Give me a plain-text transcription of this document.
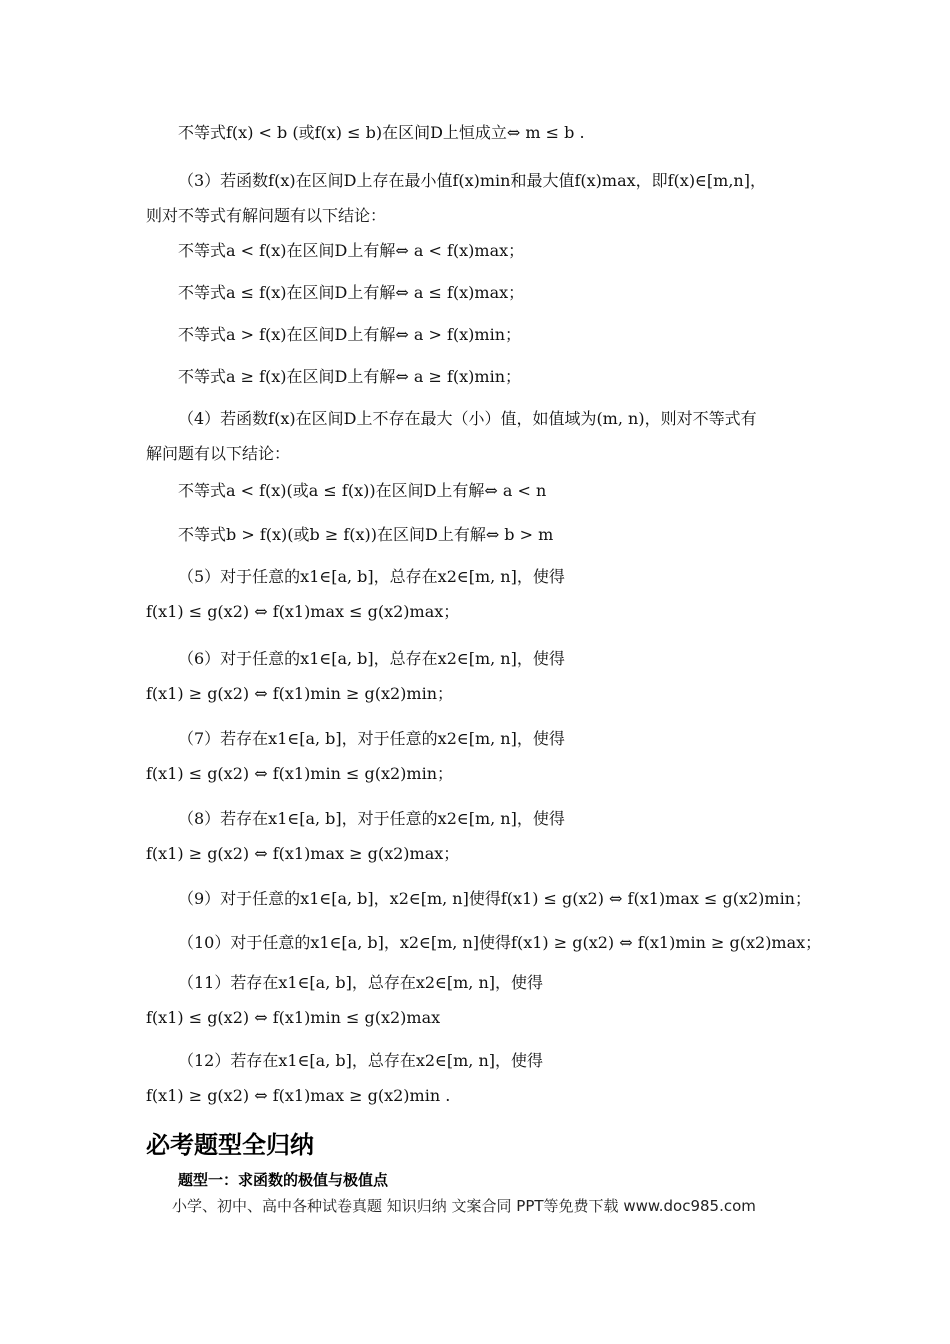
不等式f(x) < b (或f(x) ≤ b)在区间D上恒成立⇔ m ≤ b .
（3）若函数f(x)在区间D上存在最小值f(x)min和最大值f(x)max，即f(x)∈[m,n]，
则对不等式有解问题有以下结论：
不等式a < f(x)在区间D上有解⇔ a < f(x)max；
不等式a ≤ f(x)在区间D上有解⇔ a ≤ f(x)max；
不等式a > f(x)在区间D上有解⇔ a > f(x)min；
不等式a ≥ f(x)在区间D上有解⇔ a ≥ f(x)min；
（4）若函数f(x)在区间D上不存在最大（小）值，如值域为(m, n)，则对不等式有
解问题有以下结论：
不等式a < f(x)(或a ≤ f(x))在区间D上有解⇔ a < n
不等式b > f(x)(或b ≥ f(x))在区间D上有解⇔ b > m
（5）对于任意的x1∈[a, b]，总存在x2∈[m, n]，使得
f(x1) ≤ g(x2) ⇔ f(x1)max ≤ g(x2)max；
（6）对于任意的x1∈[a, b]，总存在x2∈[m, n]，使得
f(x1) ≥ g(x2) ⇔ f(x1)min ≥ g(x2)min；
（7）若存在x1∈[a, b]，对于任意的x2∈[m, n]，使得
f(x1) ≤ g(x2) ⇔ f(x1)min ≤ g(x2)min；
（8）若存在x1∈[a, b]，对于任意的x2∈[m, n]，使得
f(x1) ≥ g(x2) ⇔ f(x1)max ≥ g(x2)max；
（9）对于任意的x1∈[a, b]，x2∈[m, n]使得f(x1) ≤ g(x2) ⇔ f(x1)max ≤ g(x2)min；
（10）对于任意的x1∈[a, b]，x2∈[m, n]使得f(x1) ≥ g(x2) ⇔ f(x1)min ≥ g(x2)max；
（11）若存在x1∈[a, b]，总存在x2∈[m, n]，使得
f(x1) ≤ g(x2) ⇔ f(x1)min ≤ g(x2)max
（12）若存在x1∈[a, b]，总存在x2∈[m, n]，使得
f(x1) ≥ g(x2) ⇔ f(x1)max ≥ g(x2)min .
必考题型全归纳
题型一：求函数的极值与极值点
小学、初中、高中各种试卷真题 知识归纳 文案合同 PPT等免费下载 www.doc985.com
